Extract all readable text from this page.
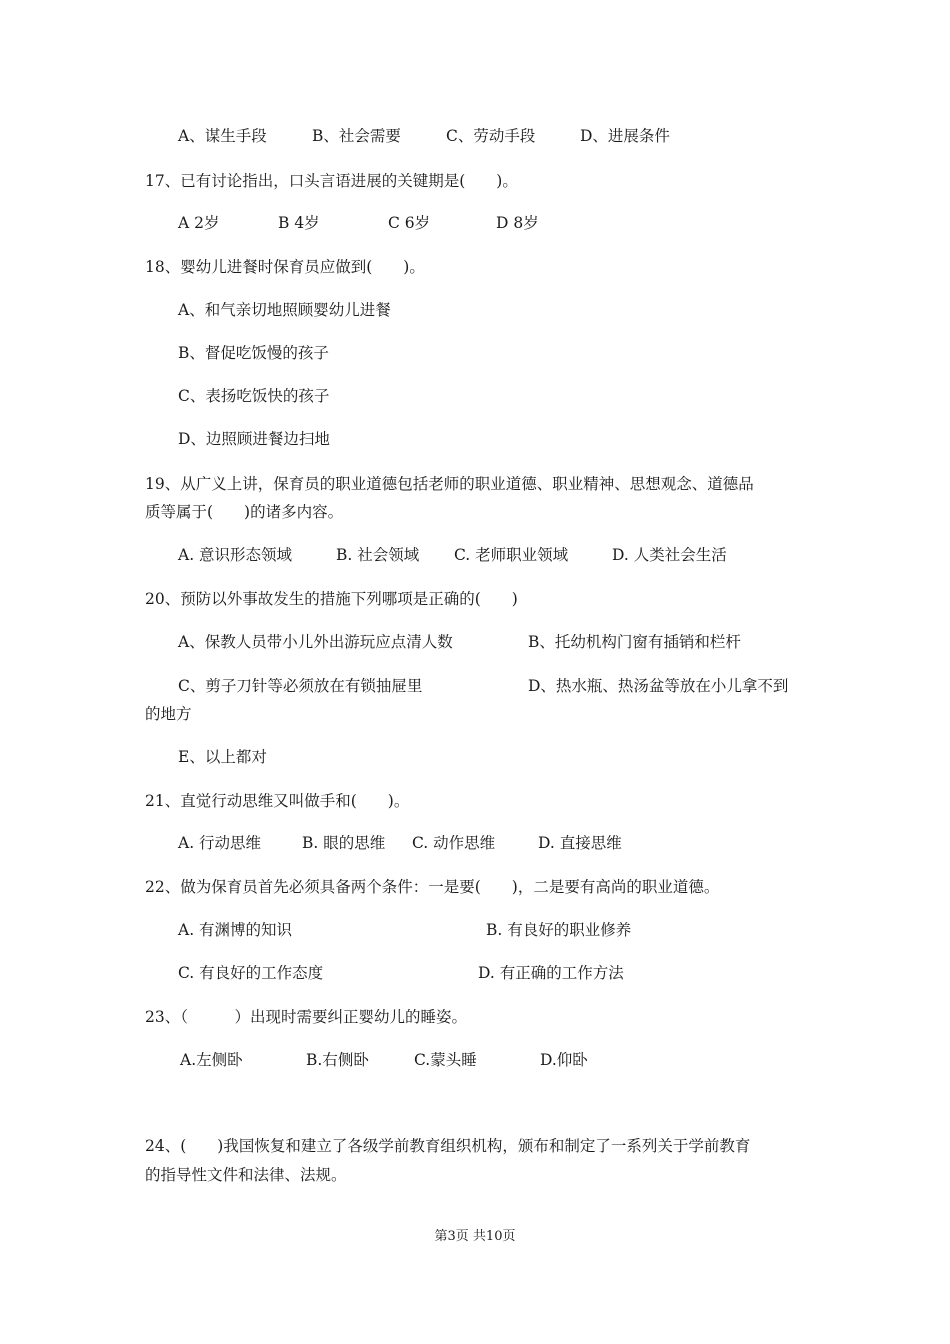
A、谋生手段	B、社会需要	C、劳动手段	D、进展条件
17、已有讨论指出，口头言语进展的关键期是(　　)。
A 2岁	B 4岁	C 6岁	D 8岁
18、婴幼儿进餐时保育员应做到(　　)。
A、和气亲切地照顾婴幼儿进餐
B、督促吃饭慢的孩子
C、表扬吃饭快的孩子
D、边照顾进餐边扫地
19、从广义上讲，保育员的职业道德包括老师的职业道德、职业精神、思想观念、道德品
质等属于(　　)的诸多内容。
A. 意识形态领域	B. 社会领域 C. 老师职业领域	D. 人类社会生活
20、预防以外事故发生的措施下列哪项是正确的(　　)
A、保教人员带小儿外出游玩应点清人数	B、托幼机构门窗有插销和栏杆
C、剪子刀针等必须放在有锁抽屉里	D、热水瓶、热汤盆等放在小儿拿不到
的地方
E、以上都对
21、直觉行动思维又叫做手和(　　)。
A. 行动思维	B. 眼的思维 C. 动作思维	D. 直接思维
22、做为保育员首先必须具备两个条件：一是要(　　)，二是要有高尚的职业道德。
A. 有渊博的知识	B. 有良好的职业修养
C. 有良好的工作态度	D. 有正确的工作方法
23、（　　　）出现时需要纠正婴幼儿的睡姿。
A.左侧卧	B.右侧卧	C.蒙头睡	D.仰卧
24、(　　)我国恢复和建立了各级学前教育组织机构，颁布和制定了一系列关于学前教育
的指导性文件和法律、法规。
第3页 共10页
